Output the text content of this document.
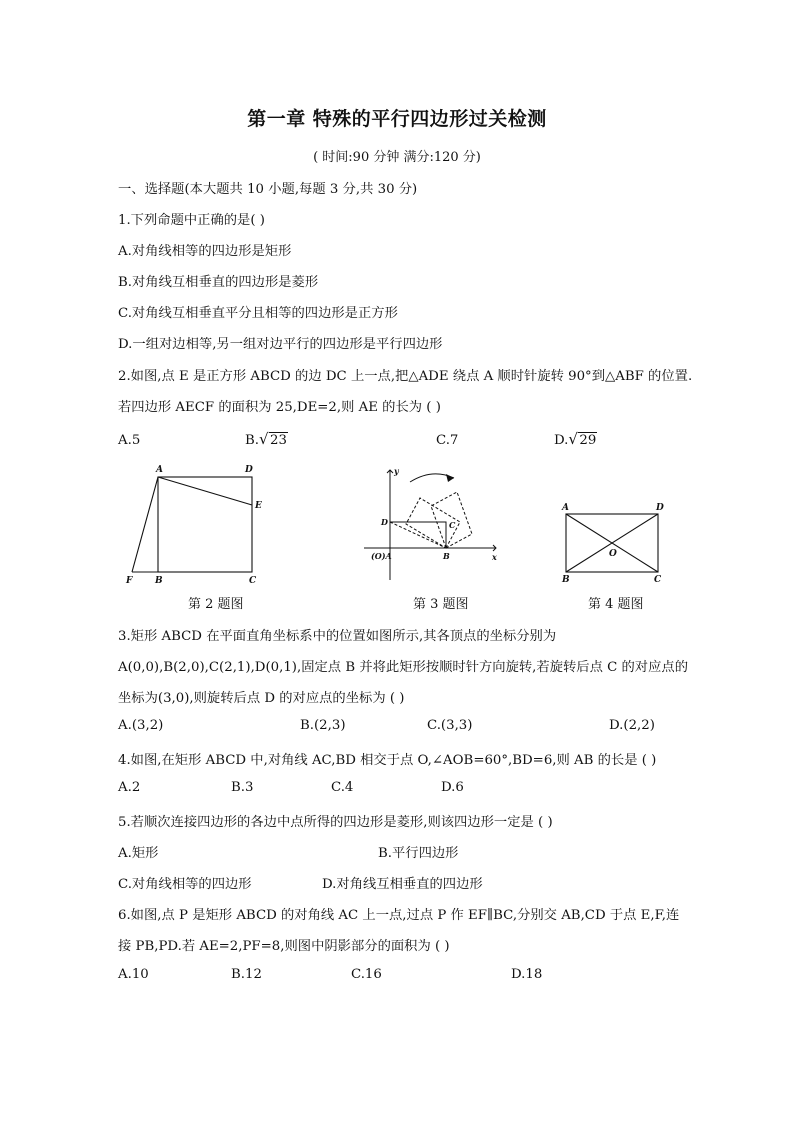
第一章 特殊的平行四边形过关检测
( 时间:90 分钟 满分:120 分)
一、选择题(本大题共 10 小题,每题 3 分,共 30 分)
1.下列命题中正确的是( )
A.对角线相等的四边形是矩形
B.对角线互相垂直的四边形是菱形
C.对角线互相垂直平分且相等的四边形是正方形
D.一组对边相等,另一组对边平行的四边形是平行四边形
2.如图,点 E 是正方形 ABCD 的边 DC 上一点,把△ADE 绕点 A 顺时针旋转 90°到△ABF 的位置.
若四边形 AECF 的面积为 25,DE=2,则 AE 的长为 ( )
A.5	B. √ 23	C.7	D. √ 29
A	D
E
F	B	C
第 2 题图
y
x
D	C
B
(O)A
第 3 题图
A	D
O
B	C
第 4 题图
3.矩形 ABCD 在平面直角坐标系中的位置如图所示,其各顶点的坐标分别为
A(0,0),B(2,0),C(2,1),D(0,1),固定点 B 并将此矩形按顺时针方向旋转,若旋转后点 C 的对应点的
坐标为(3,0),则旋转后点 D 的对应点的坐标为 ( )
A.(3,2)	B.(2,3)	C.(3,3)	D.(2,2)
4.如图,在矩形 ABCD 中,对角线 AC,BD 相交于点 O,∠AOB=60°,BD=6,则 AB 的长是 ( )
A.2	B.3	C.4	D.6
5.若顺次连接四边形的各边中点所得的四边形是菱形,则该四边形一定是 ( )
A.矩形	B.平行四边形
C.对角线相等的四边形	D.对角线互相垂直的四边形
6.如图,点 P 是矩形 ABCD 的对角线 AC 上一点,过点 P 作 EF∥BC,分别交 AB,CD 于点 E,F,连
接 PB,PD.若 AE=2,PF=8,则图中阴影部分的面积为 ( )
A.10	B.12	C.16	D.18
